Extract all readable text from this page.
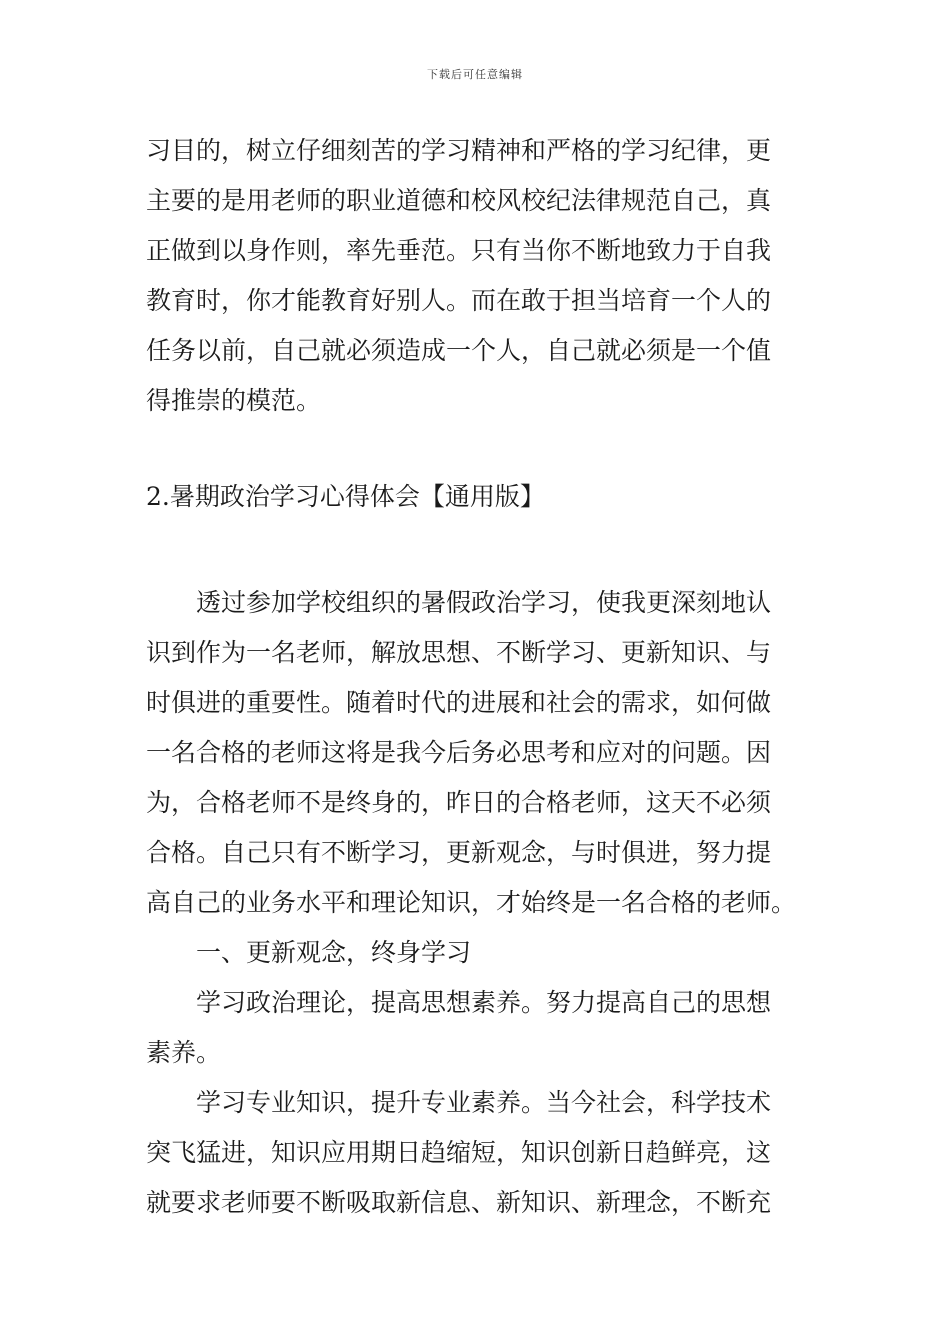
下载后可任意编辑
习目的，树立仔细刻苦的学习精神和严格的学习纪律，更
主要的是用老师的职业道德和校风校纪法律规范自己，真
正做到以身作则，率先垂范。只有当你不断地致力于自我
教育时，你才能教育好别人。而在敢于担当培育一个人的
任务以前，自己就必须造成一个人，自己就必须是一个值
得推崇的模范。
2.暑期政治学习心得体会【通用版】
透过参加学校组织的暑假政治学习，使我更深刻地认
识到作为一名老师，解放思想、不断学习、更新知识、与
时俱进的重要性。随着时代的进展和社会的需求，如何做
一名合格的老师这将是我今后务必思考和应对的问题。因
为，合格老师不是终身的，昨日的合格老师，这天不必须
合格。自己只有不断学习，更新观念，与时俱进，努力提
高自己的业务水平和理论知识，才始终是一名合格的老师。
一、更新观念，终身学习
学习政治理论，提高思想素养。努力提高自己的思想
素养。
学习专业知识，提升专业素养。当今社会，科学技术
突飞猛进，知识应用期日趋缩短，知识创新日趋鲜亮，这
就要求老师要不断吸取新信息、新知识、新理念，不断充
